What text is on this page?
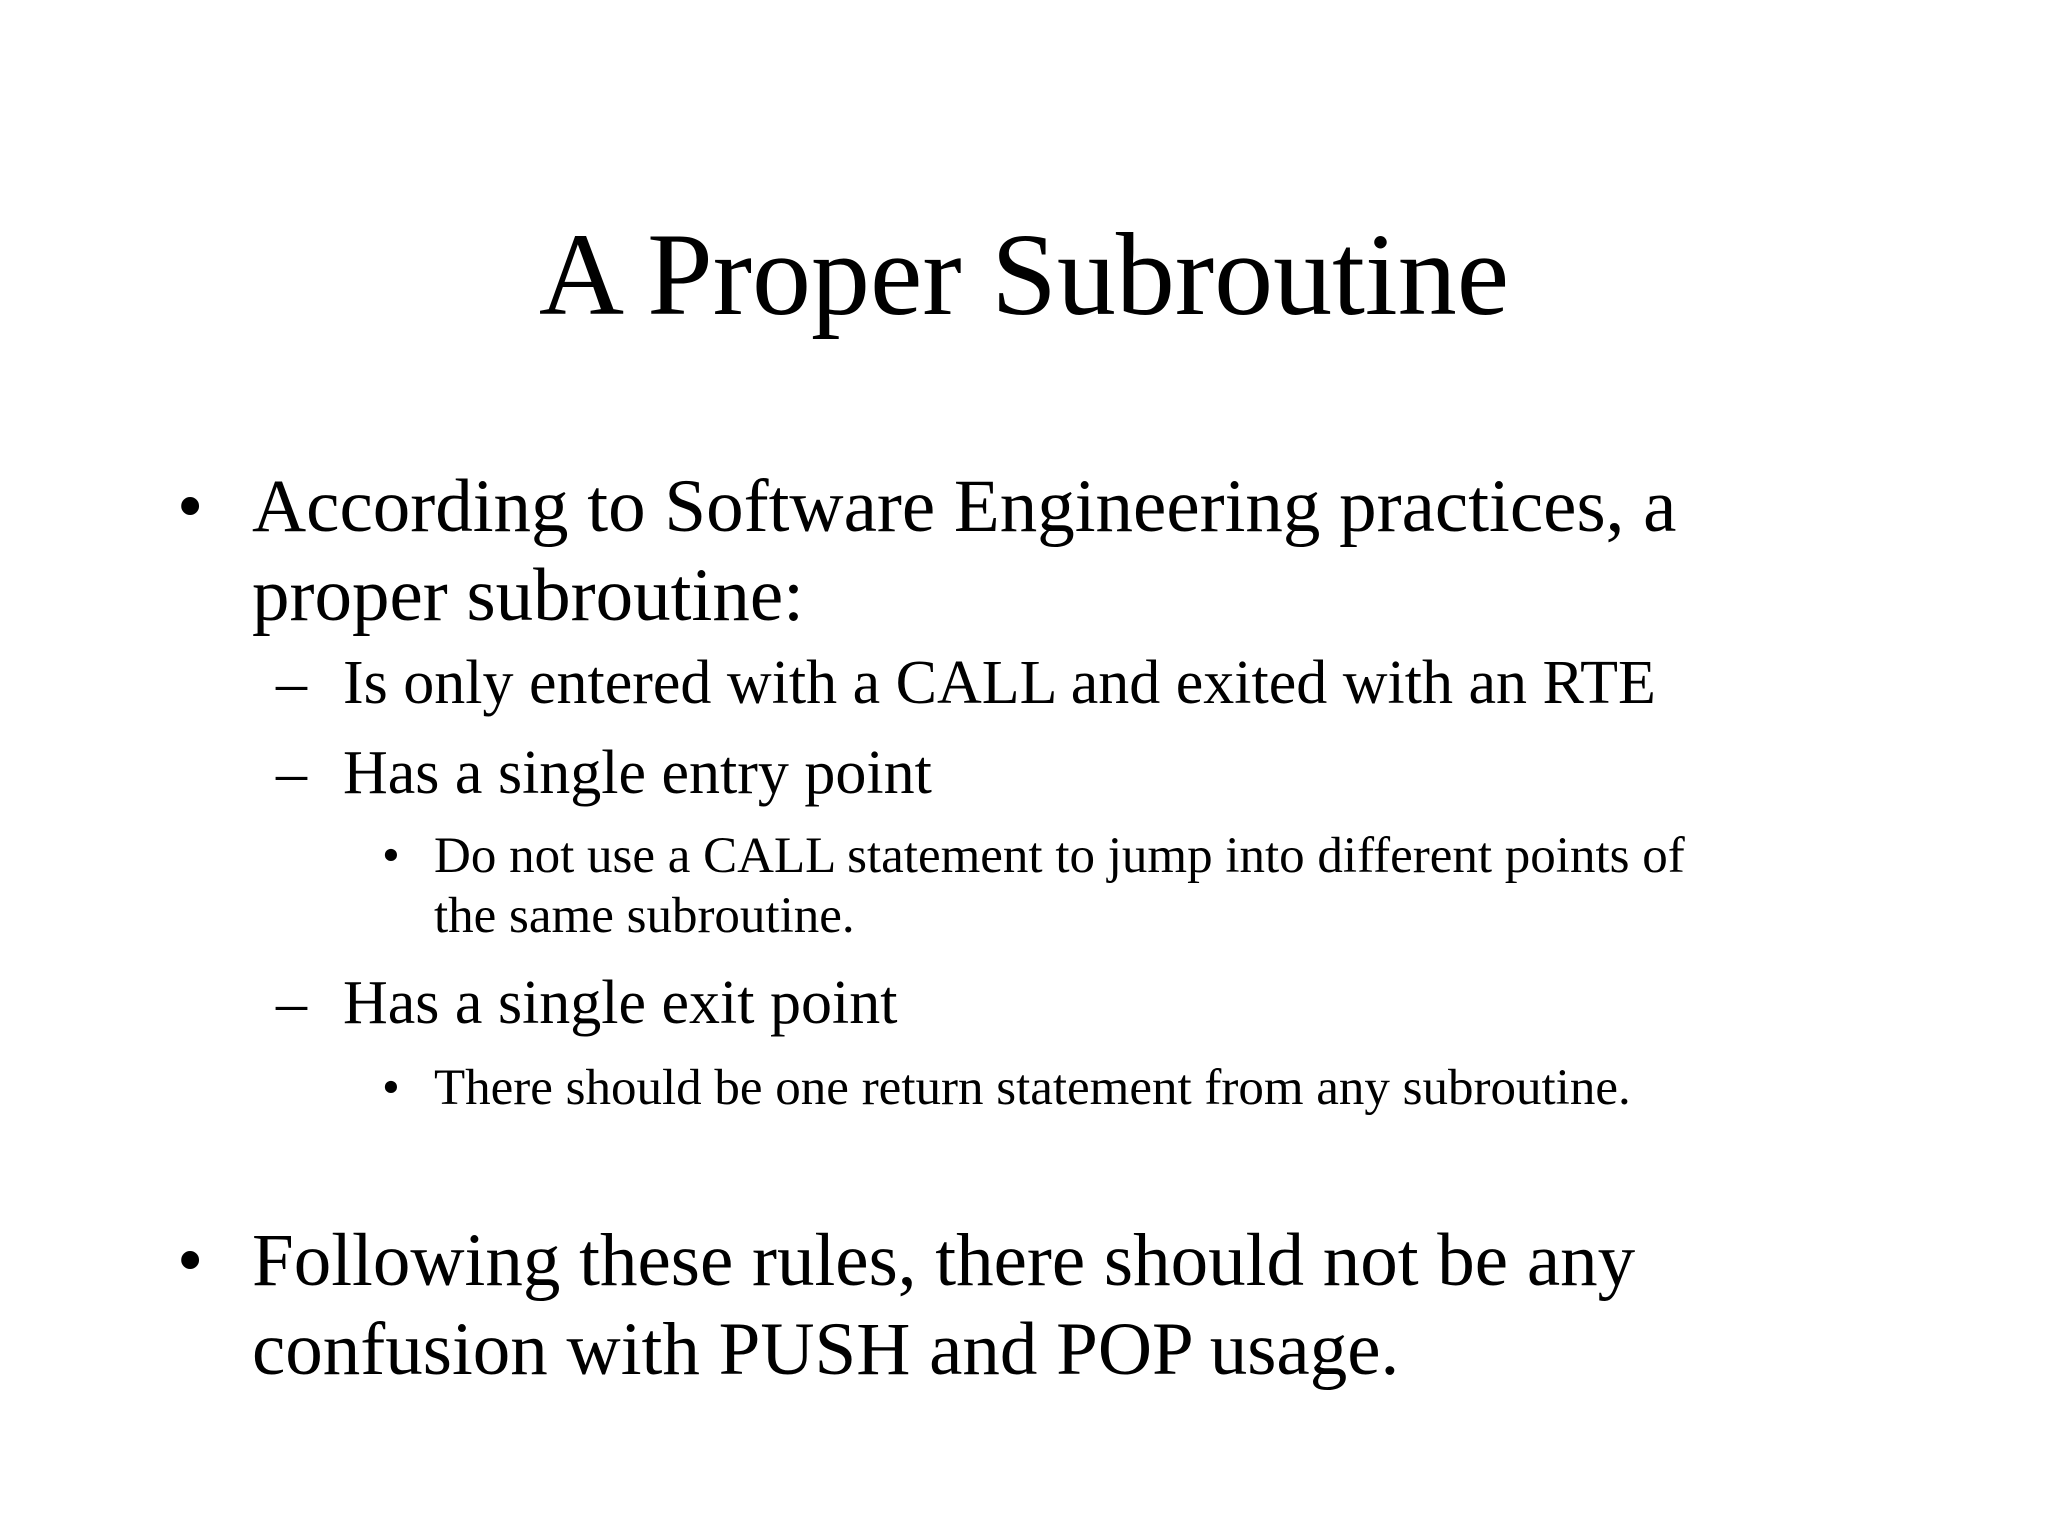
A Proper Subroutine
• According to Software Engineering practices, a
proper subroutine:
– Is only entered with a CALL and exited with an RTE
– Has a single entry point
• Do not use a CALL statement to jump into different points of
the same subroutine.
– Has a single exit point
• There should be one return statement from any subroutine.
• Following these rules, there should not be any
confusion with PUSH and POP usage.
